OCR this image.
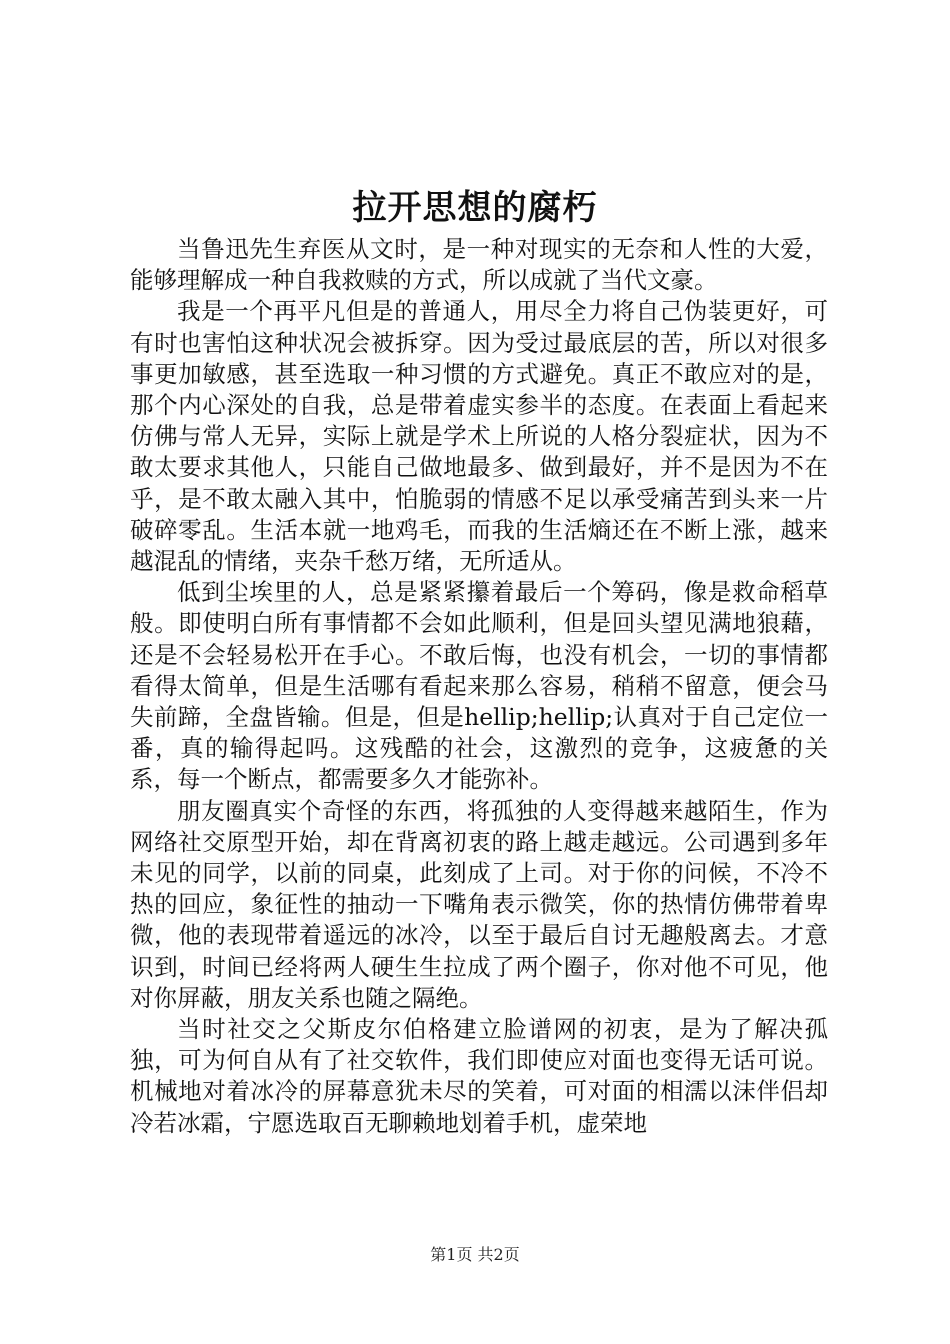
拉开思想的腐朽

当鲁迅先生弃医从文时，是一种对现实的无奈和人性的大爱，能够理解成一种自我救赎的方式，所以成就了当代文豪。

我是一个再平凡但是的普通人，用尽全力将自己伪装更好，可有时也害怕这种状况会被拆穿。因为受过最底层的苦，所以对很多事更加敏感，甚至选取一种习惯的方式避免。真正不敢应对的是，那个内心深处的自我，总是带着虚实参半的态度。在表面上看起来仿佛与常人无异，实际上就是学术上所说的人格分裂症状，因为不敢太要求其他人，只能自己做地最多、做到最好，并不是因为不在乎，是不敢太融入其中，怕脆弱的情感不足以承受痛苦到头来一片破碎零乱。生活本就一地鸡毛，而我的生活熵还在不断上涨，越来越混乱的情绪，夹杂千愁万绪，无所适从。

低到尘埃里的人，总是紧紧攥着最后一个筹码，像是救命稻草般。即使明白所有事情都不会如此顺利，但是回头望见满地狼藉，还是不会轻易松开在手心。不敢后悔，也没有机会，一切的事情都看得太简单，但是生活哪有看起来那么容易，稍稍不留意，便会马失前蹄，全盘皆输。但是，但是hellip;hellip;认真对于自己定位一番，真的输得起吗。这残酷的社会，这激烈的竞争，这疲惫的关系，每一个断点，都需要多久才能弥补。

朋友圈真实个奇怪的东西，将孤独的人变得越来越陌生，作为网络社交原型开始，却在背离初衷的路上越走越远。公司遇到多年未见的同学，以前的同桌，此刻成了上司。对于你的问候，不冷不热的回应，象征性的抽动一下嘴角表示微笑，你的热情仿佛带着卑微，他的表现带着遥远的冰冷，以至于最后自讨无趣般离去。才意识到，时间已经将两人硬生生拉成了两个圈子，你对他不可见，他对你屏蔽，朋友关系也随之隔绝。

当时社交之父斯皮尔伯格建立脸谱网的初衷，是为了解决孤独，可为何自从有了社交软件，我们即使应对面也变得无话可说。机械地对着冰冷的屏幕意犹未尽的笑着，可对面的相濡以沫伴侣却冷若冰霜，宁愿选取百无聊赖地划着手机，虚荣地

第1页 共2页
